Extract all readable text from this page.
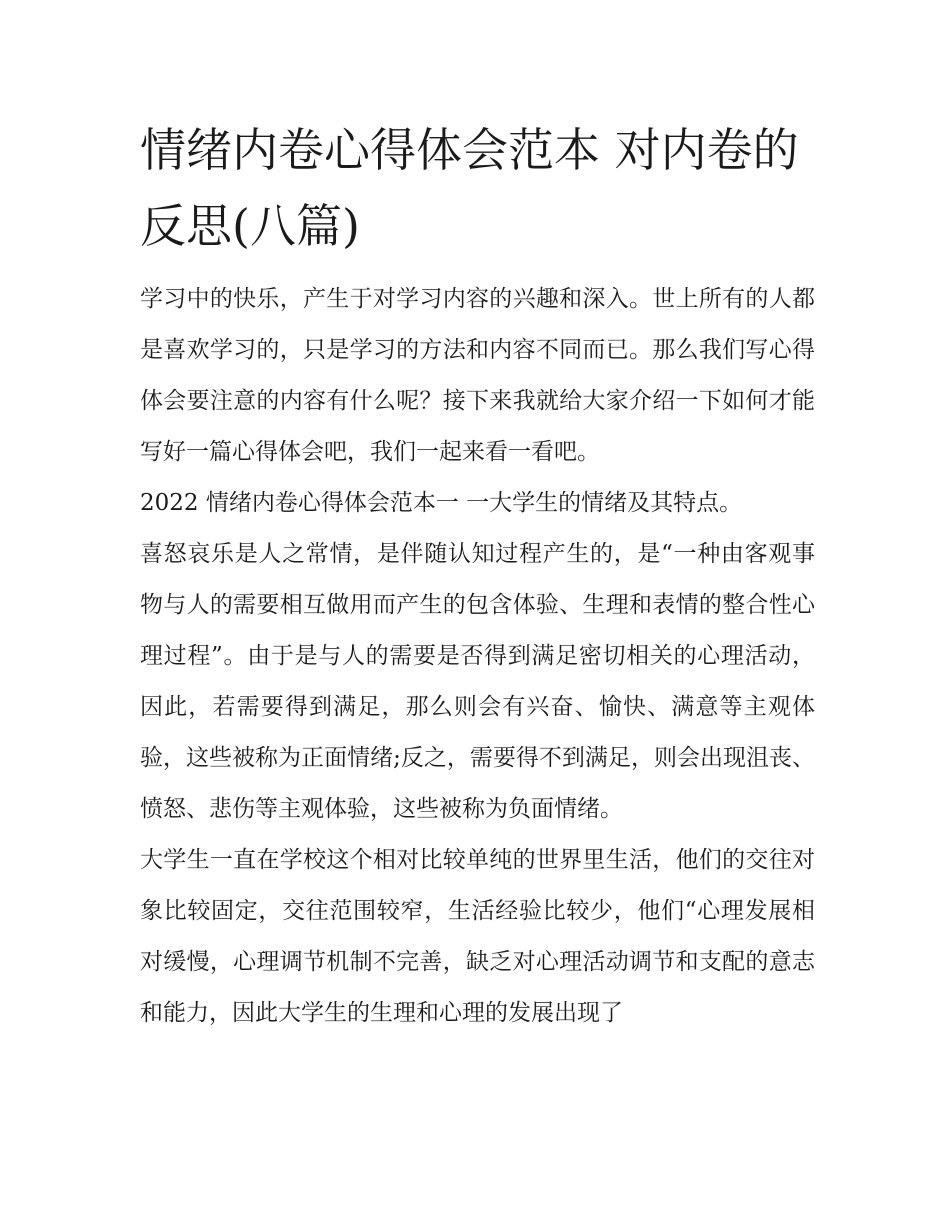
情绪内卷心得体会范本 对内卷的反思(八篇)

学习中的快乐，产生于对学习内容的兴趣和深入。世上所有的人都是喜欢学习的，只是学习的方法和内容不同而已。那么我们写心得体会要注意的内容有什么呢？接下来我就给大家介绍一下如何才能写好一篇心得体会吧，我们一起来看一看吧。

2022 情绪内卷心得体会范本一 一大学生的情绪及其特点。

喜怒哀乐是人之常情，是伴随认知过程产生的，是“一种由客观事物与人的需要相互做用而产生的包含体验、生理和表情的整合性心理过程”。由于是与人的需要是否得到满足密切相关的心理活动，因此，若需要得到满足，那么则会有兴奋、愉快、满意等主观体验，这些被称为正面情绪;反之，需要得不到满足，则会出现沮丧、愤怒、悲伤等主观体验，这些被称为负面情绪。

大学生一直在学校这个相对比较单纯的世界里生活，他们的交往对象比较固定，交往范围较窄，生活经验比较少，他们“心理发展相对缓慢，心理调节机制不完善，缺乏对心理活动调节和支配的意志和能力，因此大学生的生理和心理的发展出现了
